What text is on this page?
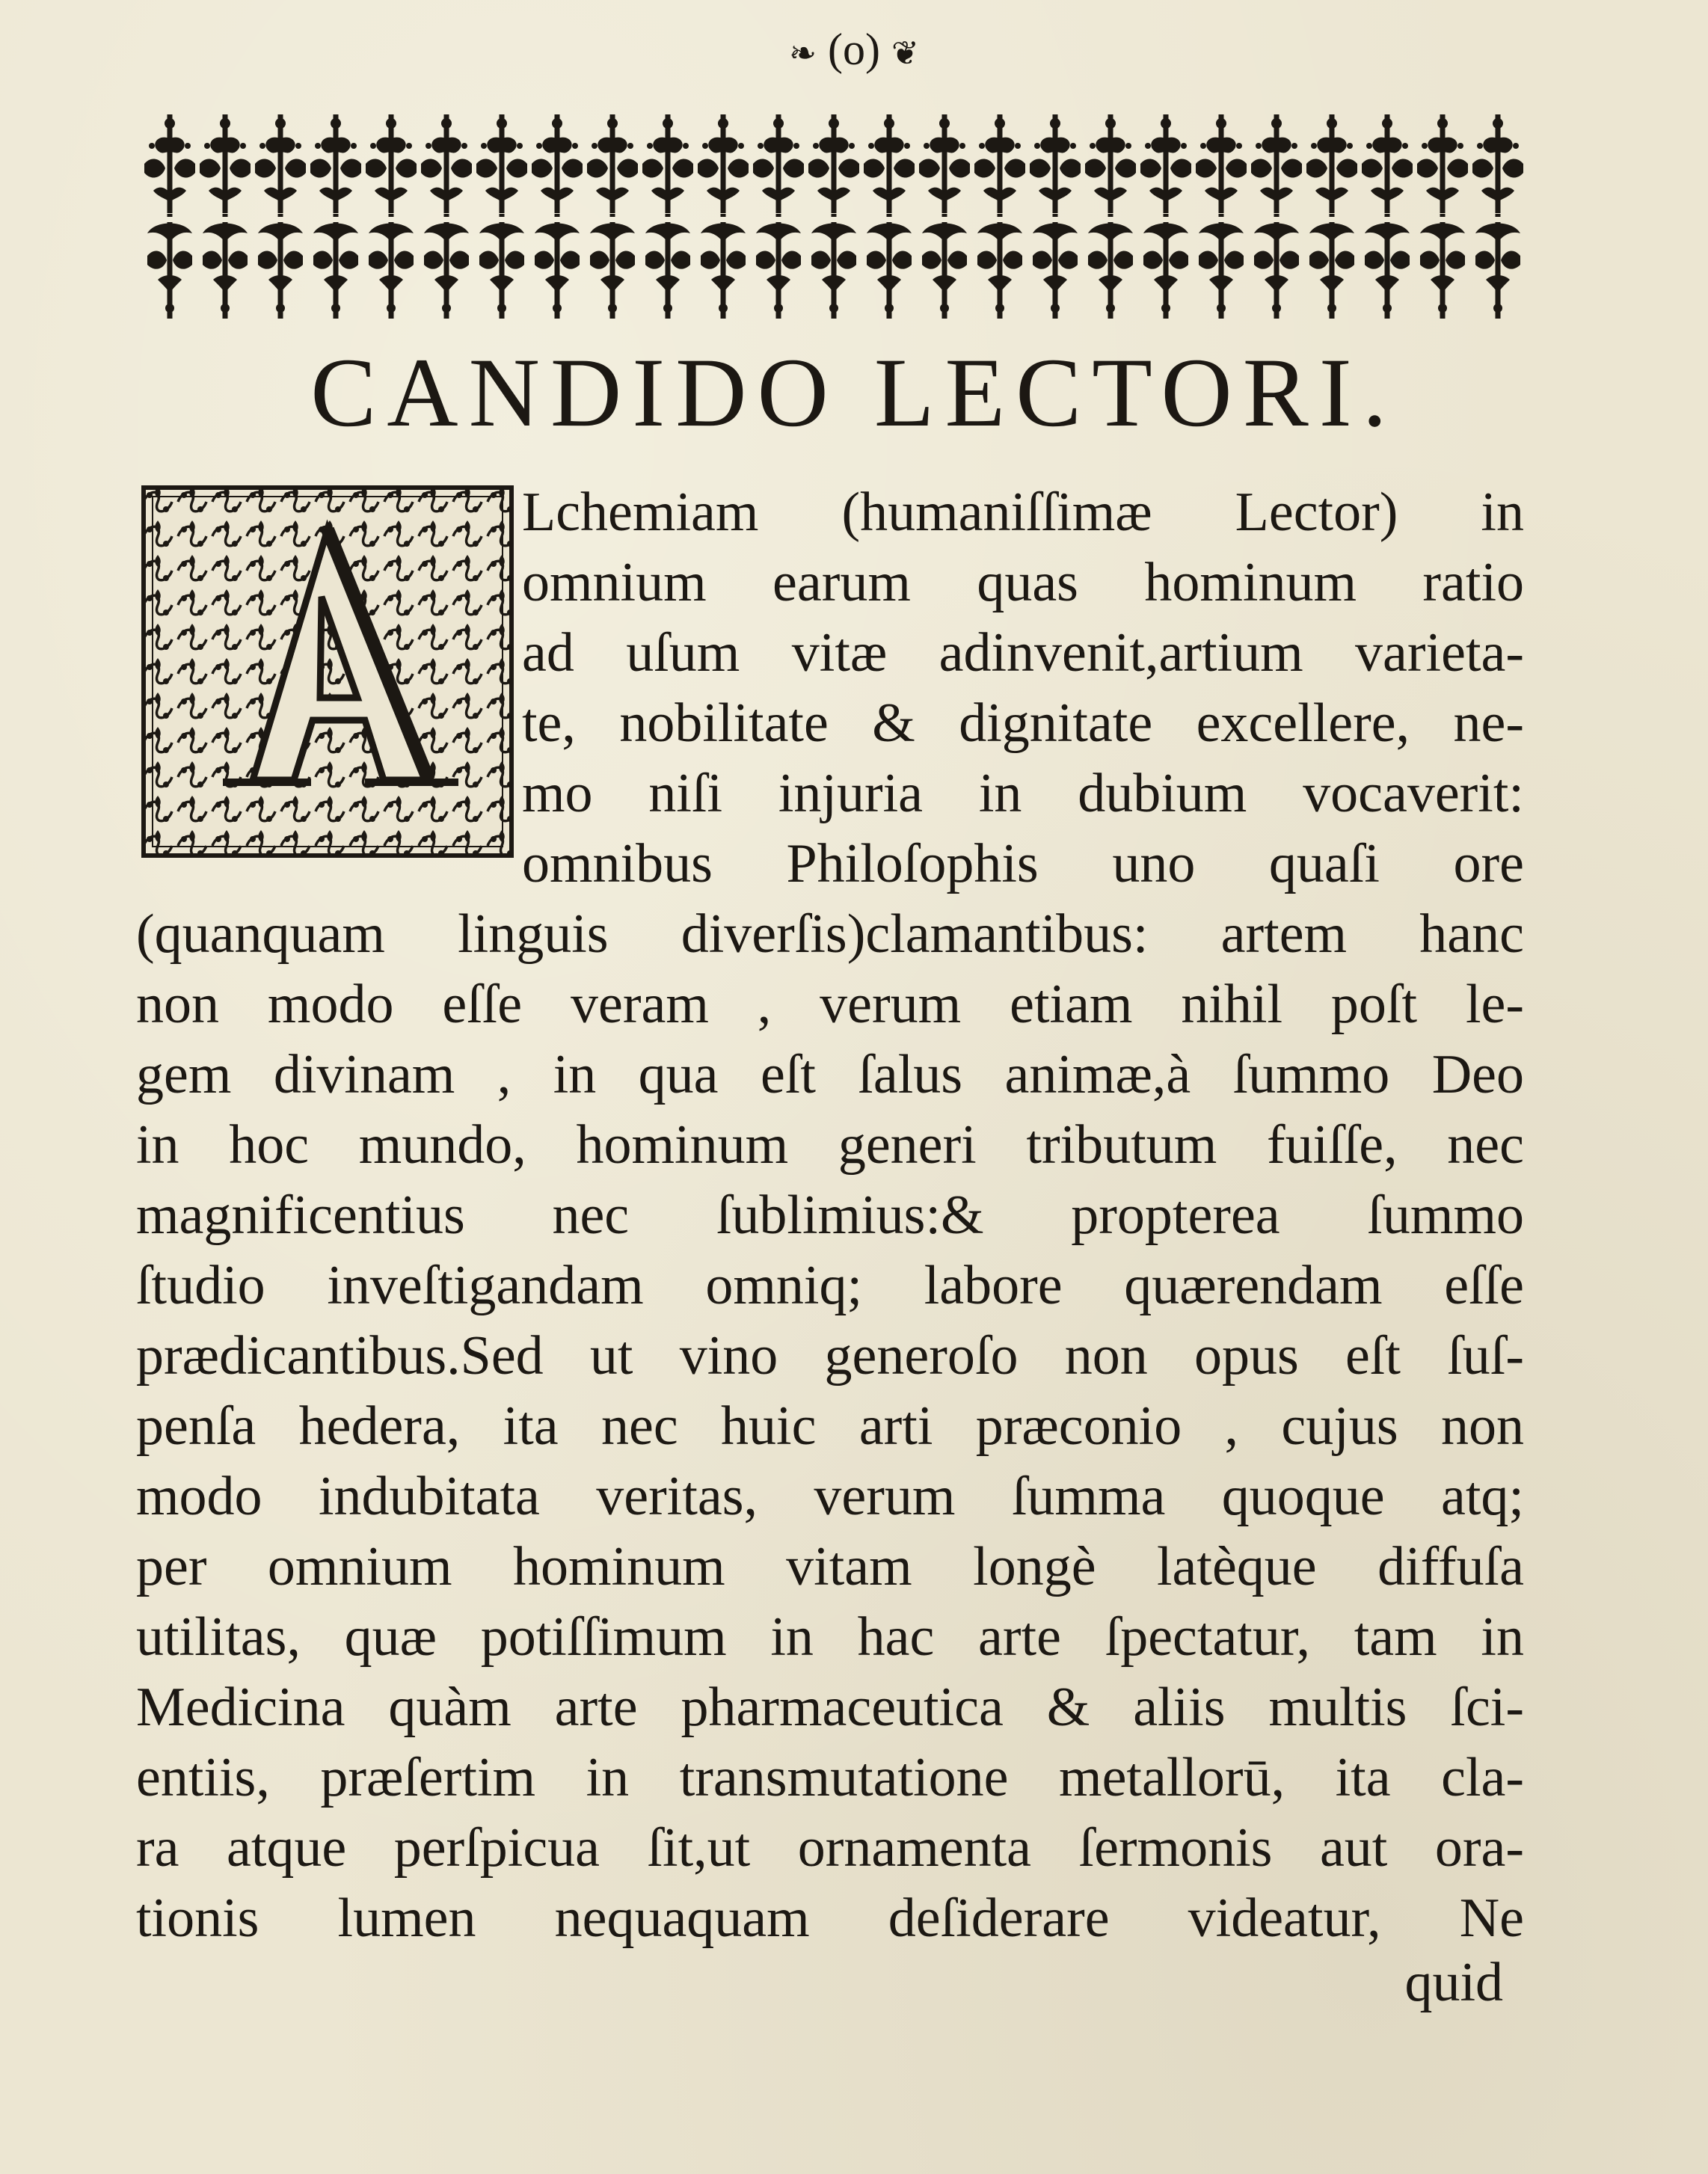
❧ (o) ❦
CANDIDO LECTORI.
Lchemiam (humaniſſimæ Lector) in
omnium earum quas hominum ratio
ad uſum vitæ adinvenit,artium varieta-
te, nobilitate & dignitate excellere, ne-
mo niſi injuria in dubium vocaverit:
omnibus Philoſophis uno quaſi ore
(quanquam linguis diverſis)clamantibus: artem hanc
non modo eſſe veram , verum etiam nihil poſt le-
gem divinam , in qua eſt ſalus animæ,à ſummo Deo
in hoc mundo, hominum generi tributum fuiſſe, nec
magnificentius nec ſublimius:& propterea ſummo
ſtudio inveſtigandam omniq; labore quærendam eſſe
prædicantibus.Sed ut vino generoſo non opus eſt ſuſ-
penſa hedera, ita nec huic arti præconio , cujus non
modo indubitata veritas, verum ſumma quoque atq;
per omnium hominum vitam longè latèque diffuſa
utilitas, quæ potiſſimum in hac arte ſpectatur, tam in
Medicina quàm arte pharmaceutica & aliis multis ſci-
entiis, præſertim in transmutatione metallorū, ita cla-
ra atque perſpicua ſit,ut ornamenta ſermonis aut ora-
tionis lumen nequaquam deſiderare videatur, Ne
quid
